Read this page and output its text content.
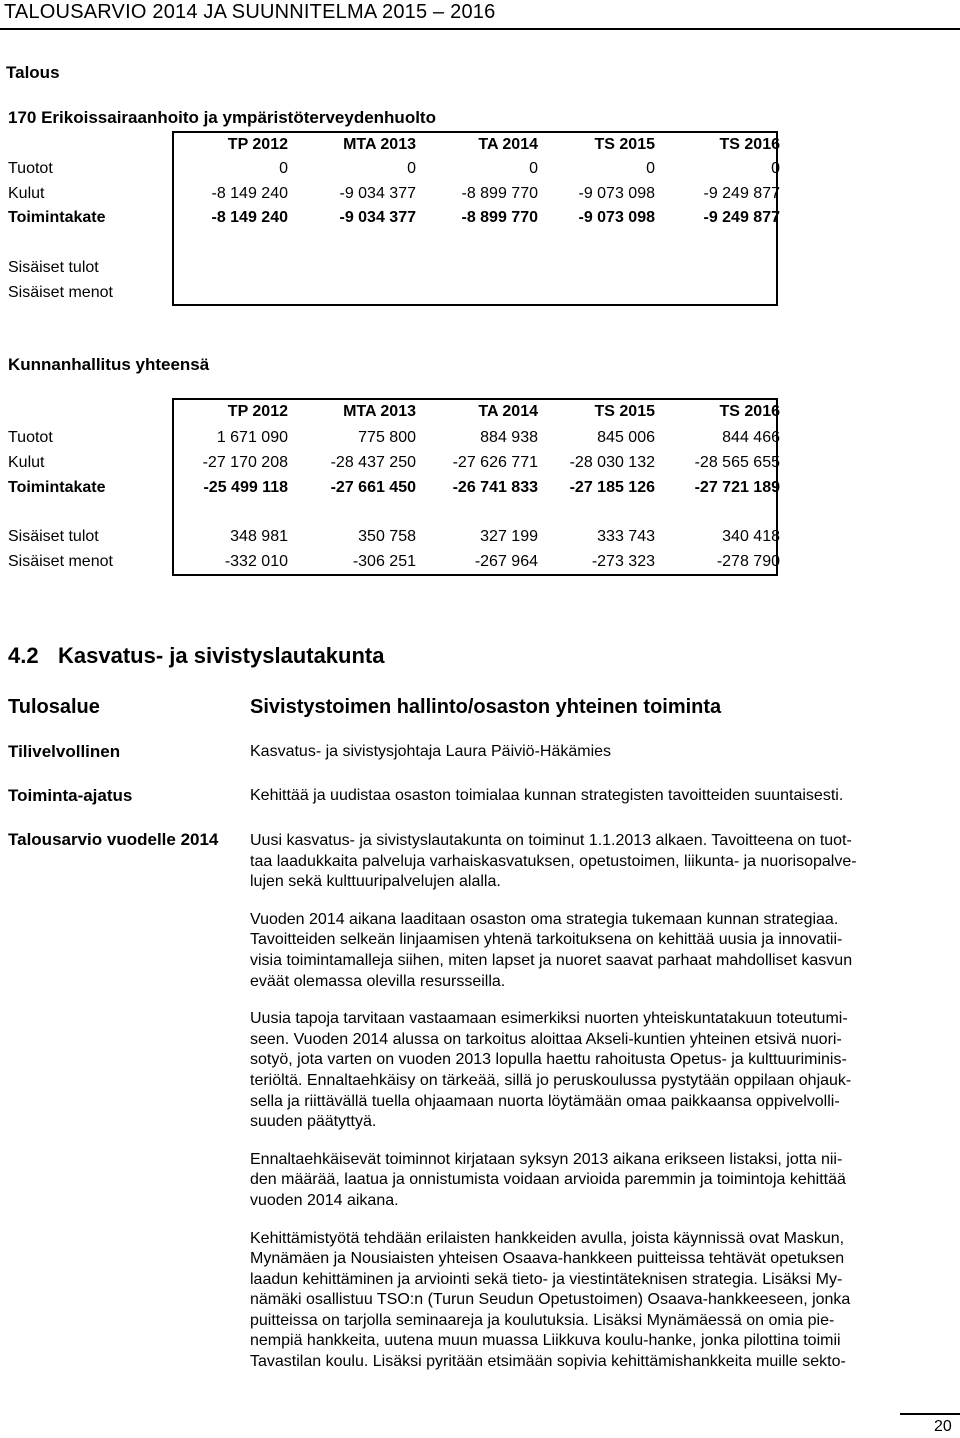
TALOUSARVIO 2014 JA SUUNNITELMA 2015 – 2016
Talous
170 Erikoissairaanhoito ja ympäristöterveydenhuolto
TP 2012	MTA 2013	TA 2014	TS 2015	TS 2016
Tuotot	0	0	0	0	0
Kulut	-8 149 240	-9 034 377	-8 899 770	-9 073 098	-9 249 877
Toimintakate	-8 149 240	-9 034 377	-8 899 770	-9 073 098	-9 249 877
Sisäiset tulot
Sisäiset menot
Kunnanhallitus yhteensä
TP 2012	MTA 2013	TA 2014	TS 2015	TS 2016
Tuotot	1 671 090	775 800	884 938	845 006	844 466
Kulut	-27 170 208	-28 437 250	-27 626 771	-28 030 132	-28 565 655
Toimintakate	-25 499 118	-27 661 450	-26 741 833	-27 185 126	-27 721 189
Sisäiset tulot	348 981	350 758	327 199	333 743	340 418
Sisäiset menot	-332 010	-306 251	-267 964	-273 323	-278 790
4.2 Kasvatus- ja sivistyslautakunta
Tulosalue	Sivistystoimen hallinto/osaston yhteinen toiminta
Tilivelvollinen	Kasvatus- ja sivistysjohtaja Laura Päiviö-Häkämies
Toiminta-ajatus	Kehittää ja uudistaa osaston toimialaa kunnan strategisten tavoitteiden suuntaisesti.
Talousarvio vuodelle 2014 Uusi kasvatus- ja sivistyslautakunta on toiminut 1.1.2013 alkaen. Tavoitteena on tuot-
taa laadukkaita palveluja varhaiskasvatuksen, opetustoimen, liikunta- ja nuorisopalve-
lujen sekä kulttuuripalvelujen alalla.

Vuoden 2014 aikana laaditaan osaston oma strategia tukemaan kunnan strategiaa.
Tavoitteiden selkeän linjaamisen yhtenä tarkoituksena on kehittää uusia ja innovatii-
visia toimintamalleja siihen, miten lapset ja nuoret saavat parhaat mahdolliset kasvun
eväät olemassa olevilla resursseilla.

Uusia tapoja tarvitaan vastaamaan esimerkiksi nuorten yhteiskuntatakuun toteutumi-
seen. Vuoden 2014 alussa on tarkoitus aloittaa Akseli-kuntien yhteinen etsivä nuori-
sotyö, jota varten on vuoden 2013 lopulla haettu rahoitusta Opetus- ja kulttuuriminis-
teriöltä. Ennaltaehkäisy on tärkeää, sillä jo peruskoulussa pystytään oppilaan ohjauk-
sella ja riittävällä tuella ohjaamaan nuorta löytämään omaa paikkaansa oppivelvolli-
suuden päätyttyä.

Ennaltaehkäisevät toiminnot kirjataan syksyn 2013 aikana erikseen listaksi, jotta nii-
den määrää, laatua ja onnistumista voidaan arvioida paremmin ja toimintoja kehittää
vuoden 2014 aikana.

Kehittämistyötä tehdään erilaisten hankkeiden avulla, joista käynnissä ovat Maskun,
Mynämäen ja Nousiaisten yhteisen Osaava-hankkeen puitteissa tehtävät opetuksen
laadun kehittäminen ja arviointi sekä tieto- ja viestintäteknisen strategia. Lisäksi My-
nämäki osallistuu TSO:n (Turun Seudun Opetustoimen) Osaava-hankkeeseen, jonka
puitteissa on tarjolla seminaareja ja koulutuksia. Lisäksi Mynämäessä on omia pie-
nempiä hankkeita, uutena muun muassa Liikkuva koulu-hanke, jonka pilottina toimii
Tavastilan koulu. Lisäksi pyritään etsimään sopivia kehittämishankkeita muille sekto-

20
